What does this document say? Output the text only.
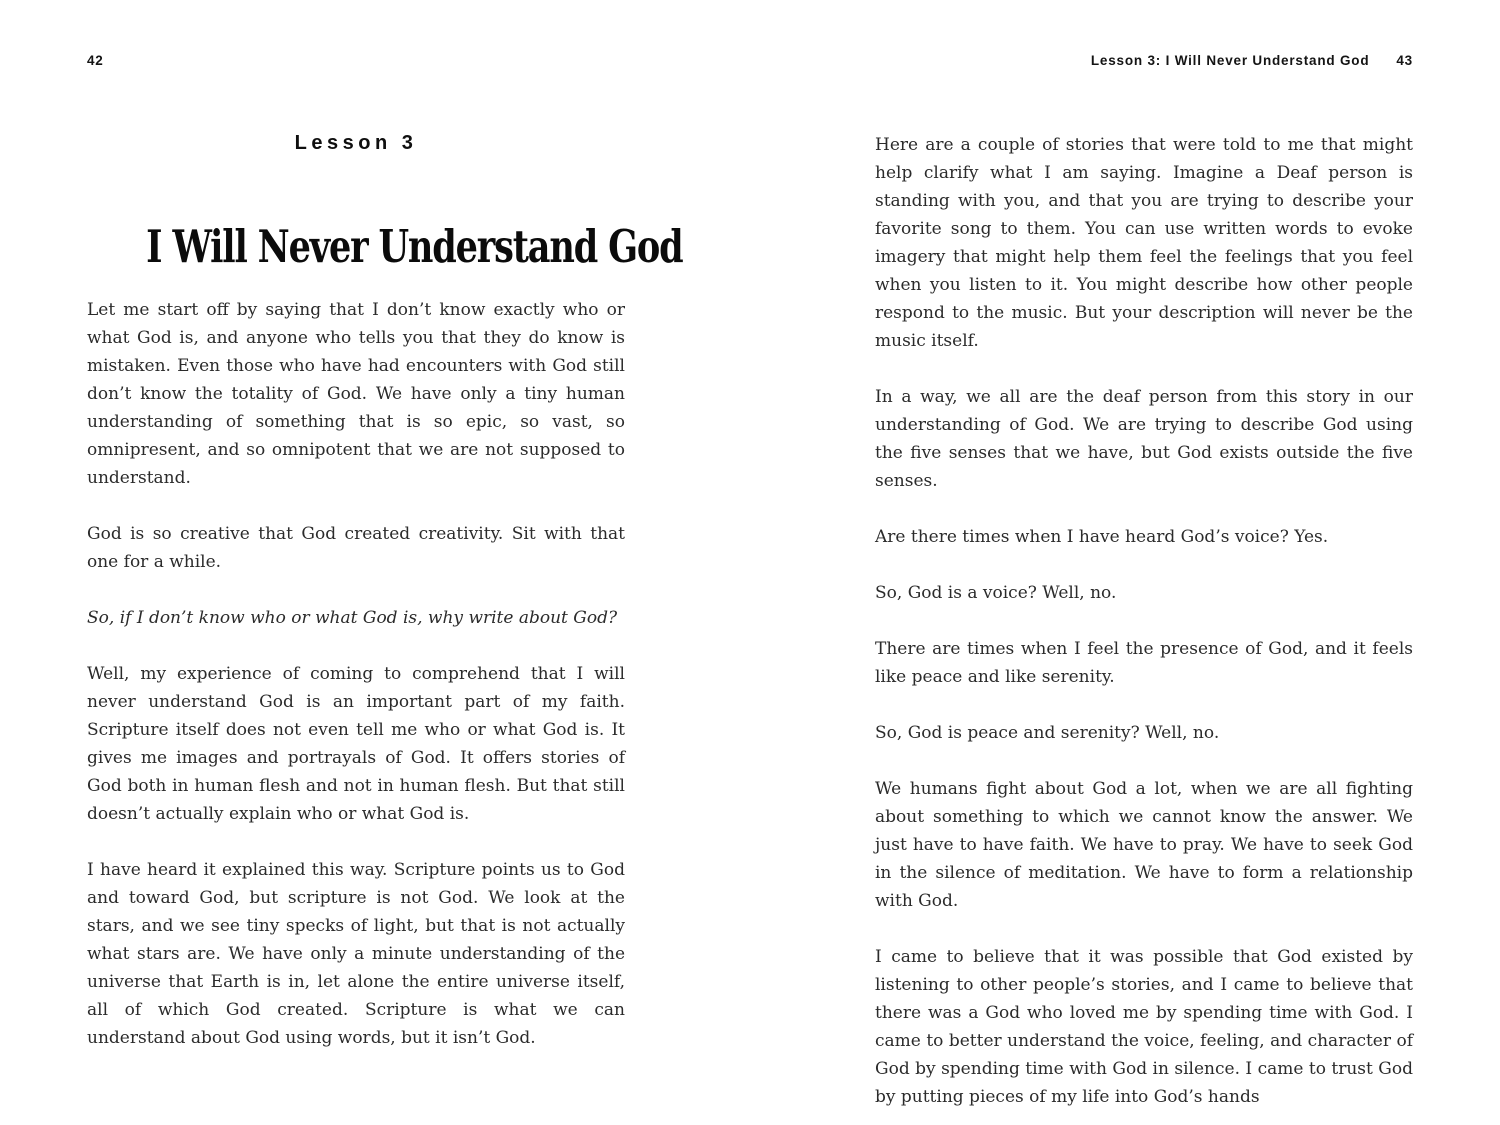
42
Lesson 3
I Will Never Understand God

Let me start off by saying that I don’t know exactly who or what God is, and anyone who tells you that they do know is mistaken. Even those who have had encounters with God still don’t know the totality of God. We have only a tiny human understanding of something that is so epic, so vast, so omnipresent, and so omnipotent that we are not supposed to understand.

God is so creative that God created creativity. Sit with that one for a while.

So, if I don’t know who or what God is, why write about God?

Well, my experience of coming to comprehend that I will never understand God is an important part of my faith. Scripture itself does not even tell me who or what God is. It gives me images and portrayals of God. It offers stories of God both in human flesh and not in human flesh. But that still doesn’t actually explain who or what God is.

I have heard it explained this way. Scripture points us to God and toward God, but scripture is not God. We look at the stars, and we see tiny specks of light, but that is not actually what stars are. We have only a minute understanding of the universe that Earth is in, let alone the entire universe itself, all of which God created. Scripture is what we can understand about God using words, but it isn’t God.

Lesson 3: I Will Never Understand God 43

Here are a couple of stories that were told to me that might help clarify what I am saying. Imagine a Deaf person is standing with you, and that you are trying to describe your favorite song to them. You can use written words to evoke imagery that might help them feel the feelings that you feel when you listen to it. You might describe how other people respond to the music. But your description will never be the music itself.

In a way, we all are the deaf person from this story in our understanding of God. We are trying to describe God using the five senses that we have, but God exists outside the five senses.

Are there times when I have heard God’s voice? Yes.

So, God is a voice? Well, no.

There are times when I feel the presence of God, and it feels like peace and like serenity.

So, God is peace and serenity? Well, no.

We humans fight about God a lot, when we are all fighting about something to which we cannot know the answer. We just have to have faith. We have to pray. We have to seek God in the silence of meditation. We have to form a relationship with God.

I came to believe that it was possible that God existed by listening to other people’s stories, and I came to believe that there was a God who loved me by spending time with God. I came to better understand the voice, feeling, and character of God by spending time with God in silence. I came to trust God by putting pieces of my life into God’s hands
